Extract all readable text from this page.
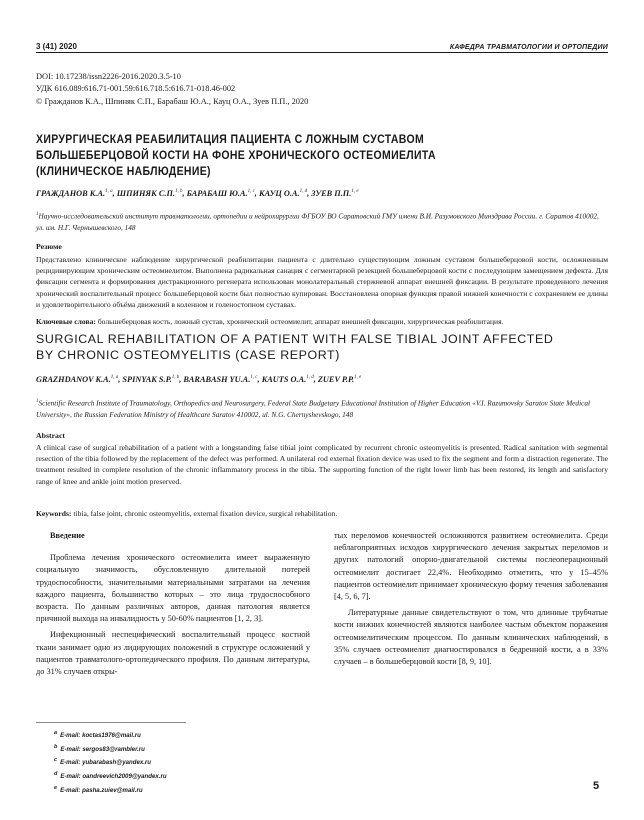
3 (41) 2020	КАФЕДРА ТРАВМАТОЛОГИИ И ОРТОПЕДИИ
DOI: 10.17238/issn2226-2016.2020.3.5-10
УДК 616.089:616.71-001.59:616.718.5:616.71-018.46-002
© Гражданов К.А., Шпиняк С.П., Барабаш Ю.А., Кауц О.А., Зуев П.П., 2020
ХИРУРГИЧЕСКАЯ РЕАБИЛИТАЦИЯ ПАЦИЕНТА С ЛОЖНЫМ СУСТАВОМ
БОЛЬШЕБЕРЦОВОЙ КОСТИ НА ФОНЕ ХРОНИЧЕСКОГО ОСТЕОМИЕЛИТА
(КЛИНИЧЕСКОЕ НАБЛЮДЕНИЕ)
ГРАЖДАНОВ К.А.$^{1, a}$, ШПИНЯК С.П.$^{1, b}$, БАРАБАШ Ю.А.$^{1, c}$, КАУЦ О.А.$^{1, d}$, ЗУЕВ П.П.$^{1, e}$
$^1$Научно-исследовательский институт травматологии, ортопедии и нейрохирургии ФГБОУ ВО Саратовский ГМУ имени В.И. Разумовского Минздрава России. г. Саратов 410002, ул. им. Н.Г. Чернышевского, 148
Резюме

Представлено клиническое наблюдение хирургической реабилитации пациента с длительно существующим ложным суставом большеберцовой кости, осложненным рецидивирующим хроническим остеомиелитом. Выполнена радикальная санация с сегментарной резекцией большеберцовой кости с последующим замещением дефекта. Для фиксации сегмента и формирования дистракционного регенерата использован монолатеральный стержневой аппарат внешней фиксации. В результате проведенного лечения хронический воспалительный процесс большеберцовой кости был полностью купирован. Восстановлена опорная функция правой нижней конечности с сохранением ее длины и удовлетворительного объёма движений в коленном и голеностопном суставах.

Ключевые слова: большеберцовая кость, ложный сустав, хронический остеомиелит, аппарат внешней фиксации, хирургическая реабилитация.
SURGICAL REHABILITATION OF A PATIENT WITH FALSE TIBIAL JOINT AFFECTED
BY CHRONIC OSTEOMYELITIS (CASE REPORT)
GRAZHDANOV K.A.$^{1, a}$, SPINYAK S.P.$^{1, b}$, BARABASH YU.A.$^{1, c}$, KAUTS O.A.$^{1, d}$, ZUEV P.P.$^{1, e}$
$^1$Scientific Research Institute of Traumatology, Orthopedics and Neurosurgery, Federal State Budgetary Educational Institution of Higher Education «V.I. Razumovsky Saratov State Medical University», the Russian Federation Ministry of Healthcare Saratov 410002, ul. N.G. Chernyshevskogo, 148
Abstract

A clinical case of surgical rehabilitation of a patient with a longstanding false tibial joint complicated by recurrent chronic osteomyelitis is presented. Radical sanitation with segmental resection of the tibia followed by the replacement of the defect was performed. A unilateral rod external fixation device was used to fix the segment and form a distraction regenerate. The treatment resulted in complete resolution of the chronic inflammatory process in the tibia. The supporting function of the right lower limb has been restored, its length and satisfactory range of knee and ankle joint motion preserved.

Keywords: tibia, false joint, chronic osteomyelitis, external fixation device, surgical rehabilitation.

Введение

Проблема лечения хронического остеомиелита имеет выраженную социальную значимость, обусловленную длительной потерей трудоспособности, значительными материальными затратами на лечения каждого пациента, большинство которых – это лица трудоспособного возраста. По данным различных авторов, данная патология является причиной выхода на инвалидность у 50-60% пациентов [1, 2, 3].

Инфекционный неспецифический воспалительный процесс костной ткани занимает одно из лидирующих положений в структуре осложнений у пациентов травматолого-ортопедического профиля. По данным литературы, до 31% случаев откры-

тых переломов конечностей осложняются развитием остеомиелита. Среди неблагоприятных исходов хирургического лечения закрытых переломов и других патологий опорно-двигательной системы послеоперационный остеомиелит достигает 22,4%. Необходимо отметить, что у 15–45% пациентов остеомиелит принимает хроническую форму течения заболевания [4, 5, 6, 7].

Литературные данные свидетельствуют о том, что длинные трубчатые кости нижних конечностей являются наиболее частым объектом поражения остеомиелитическим процессом. По данным клинических наблюдений, в 35% случаев остеомиелит диагностировался в бедренной кости, а в 33% случаев – в большеберцовой кости [8, 9, 10].

$^a$ E-mail: koctas1976@mail.ru
$^b$ E-mail: sergos83@rambler.ru
$^c$ E-mail: yubarabash@yandex.ru
$^d$ E-mail: oandreevich2009@yandex.ru
$^e$ E-mail: pasha.zuiev@mail.ru	5
